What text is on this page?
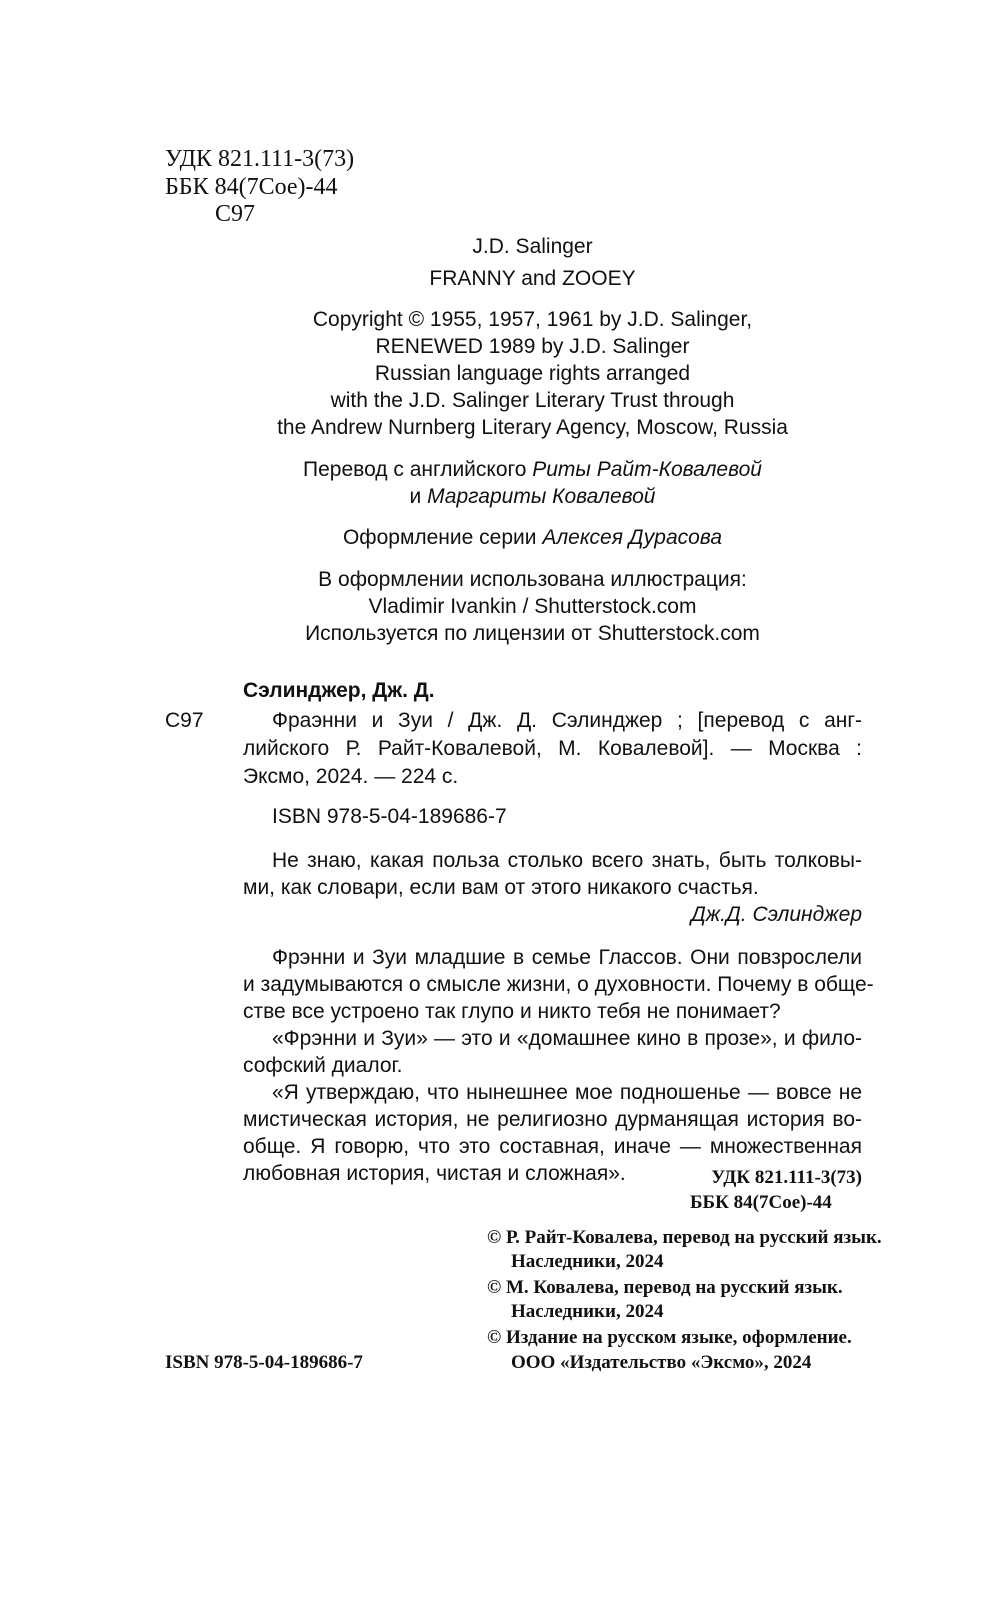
УДК 821.111-3(73)
ББК 84(7Сое)-44
С97
J.D. Salinger
FRANNY and ZOOEY
Copyright © 1955, 1957, 1961 by J.D. Salinger,
RENEWED 1989 by J.D. Salinger
Russian language rights arranged
with the J.D. Salinger Literary Trust through
the Andrew Nurnberg Literary Agency, Moscow, Russia
Перевод с английского Риты Райт-Ковалевой
и Маргариты Ковалевой
Оформление серии Алексея Дурасова
В оформлении использована иллюстрация:
Vladimir Ivankin / Shutterstock.com
Используется по лицензии от Shutterstock.com
Сэлинджер, Дж. Д.
С97	Фраэнни и Зуи / Дж. Д. Сэлинджер ; [перевод с анг-
лийского Р. Райт-Ковалевой, М. Ковалевой]. — Москва :
Эксмо, 2024. — 224 с.
ISBN 978-5-04-189686-7
Не знаю, какая польза столько всего знать, быть толковы-
ми, как словари, если вам от этого никакого счастья.
Дж.Д. Сэлинджер
Фрэнни и Зуи младшие в семье Глассов. Они повзрослели
и задумываются о смысле жизни, о духовности. Почему в обще-
стве все устроено так глупо и никто тебя не понимает?
«Фрэнни и Зуи» — это и «домашнее кино в прозе», и фило-
софский диалог.
«Я утверждаю, что нынешнее мое подношенье — вовсе не
мистическая история, не религиозно дурманящая история во-
обще. Я говорю, что это составная, иначе — множественная
любовная история, чистая и сложная».	УДК 821.111-3(73)
ББК 84(7Сое)-44
© Р. Райт-Ковалева, перевод на русский язык.
Наследники, 2024
© М. Ковалева, перевод на русский язык.
Наследники, 2024
© Издание на русском языке, оформление.
ООО «Издательство «Эксмо», 2024
ISBN 978-5-04-189686-7
